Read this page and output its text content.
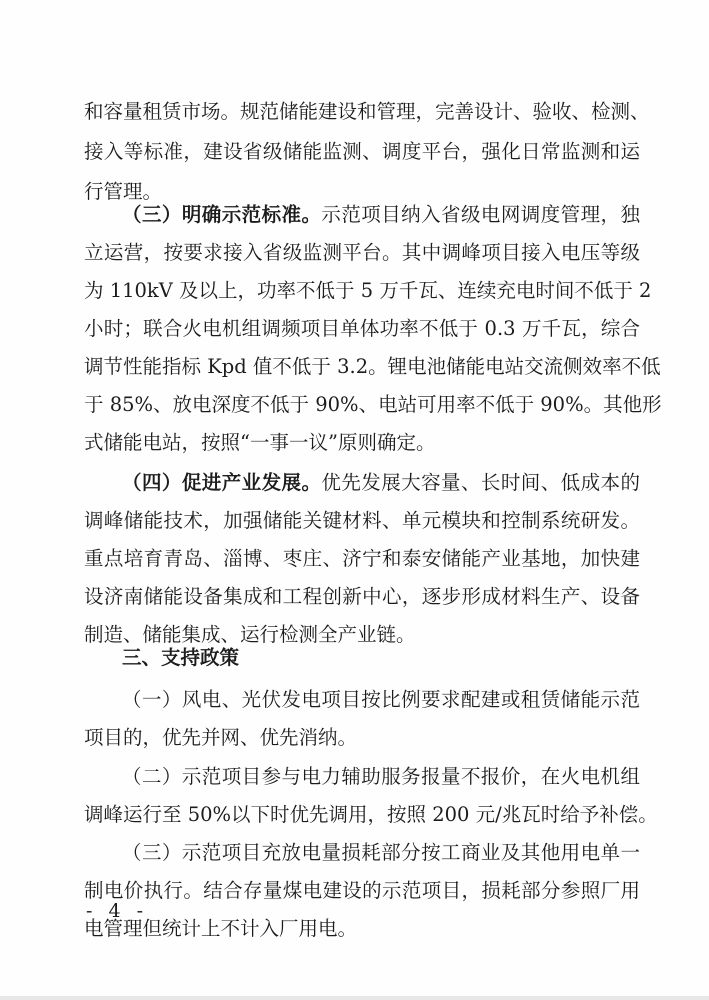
和容量租赁市场。规范储能建设和管理，完善设计、验收、检测、
接入等标准，建设省级储能监测、调度平台，强化日常监测和运
行管理。
（三）明确示范标准。示范项目纳入省级电网调度管理，独
立运营，按要求接入省级监测平台。其中调峰项目接入电压等级
为 110kV 及以上，功率不低于 5 万千瓦、连续充电时间不低于 2
小时；联合火电机组调频项目单体功率不低于 0.3 万千瓦，综合
调节性能指标 Kpd 值不低于 3.2。锂电池储能电站交流侧效率不低
于 85%、放电深度不低于 90%、电站可用率不低于 90%。其他形
式储能电站，按照“一事一议”原则确定。
（四）促进产业发展。优先发展大容量、长时间、低成本的
调峰储能技术，加强储能关键材料、单元模块和控制系统研发。
重点培育青岛、淄博、枣庄、济宁和泰安储能产业基地，加快建
设济南储能设备集成和工程创新中心，逐步形成材料生产、设备
制造、储能集成、运行检测全产业链。
三、支持政策
（一）风电、光伏发电项目按比例要求配建或租赁储能示范
项目的，优先并网、优先消纳。
（二）示范项目参与电力辅助服务报量不报价，在火电机组
调峰运行至 50%以下时优先调用，按照 200 元/兆瓦时给予补偿。
（三）示范项目充放电量损耗部分按工商业及其他用电单一
制电价执行。结合存量煤电建设的示范项目，损耗部分参照厂用
电管理但统计上不计入厂用电。
- 4 -
